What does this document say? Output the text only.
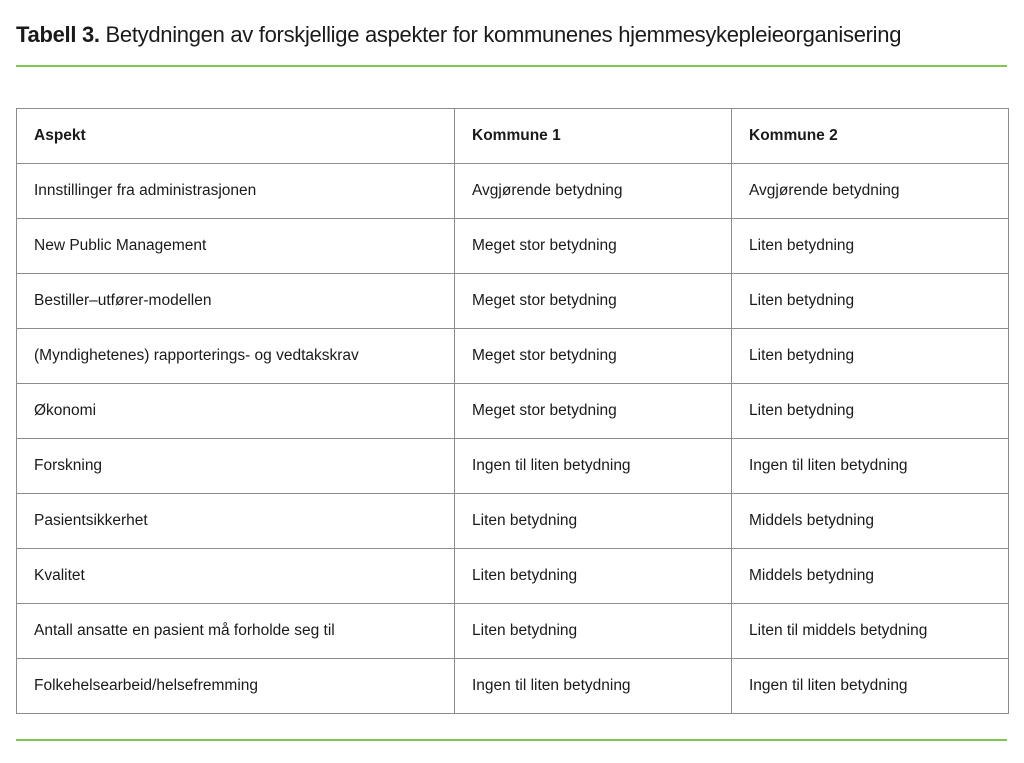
Tabell 3. Betydningen av forskjellige aspekter for kommunenes hjemmesykepleieorganisering
Aspekt	Kommune 1	Kommune 2
Innstillinger fra administrasjonen	Avgjørende betydning	Avgjørende betydning
New Public Management	Meget stor betydning	Liten betydning
Bestiller–utfører-modellen	Meget stor betydning	Liten betydning
(Myndighetenes) rapporterings- og vedtakskrav	Meget stor betydning	Liten betydning
Økonomi	Meget stor betydning	Liten betydning
Forskning	Ingen til liten betydning	Ingen til liten betydning
Pasientsikkerhet	Liten betydning	Middels betydning
Kvalitet	Liten betydning	Middels betydning
Antall ansatte en pasient må forholde seg til	Liten betydning	Liten til middels betydning
Folkehelsearbeid/helsefremming	Ingen til liten betydning	Ingen til liten betydning
